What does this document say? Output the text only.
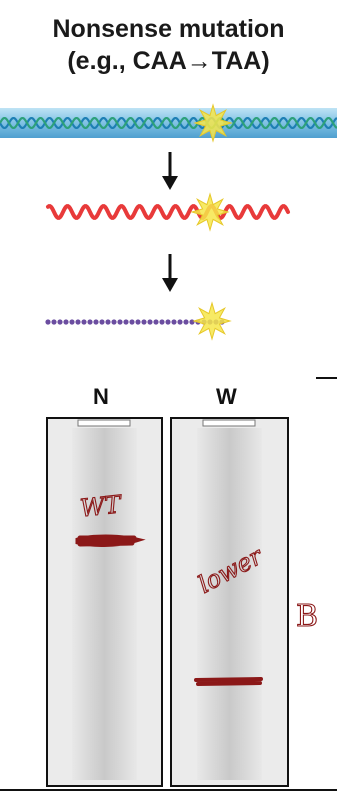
Nonsense mutation
(e.g., CAA→TAA)
WT
lower
B
N	W
